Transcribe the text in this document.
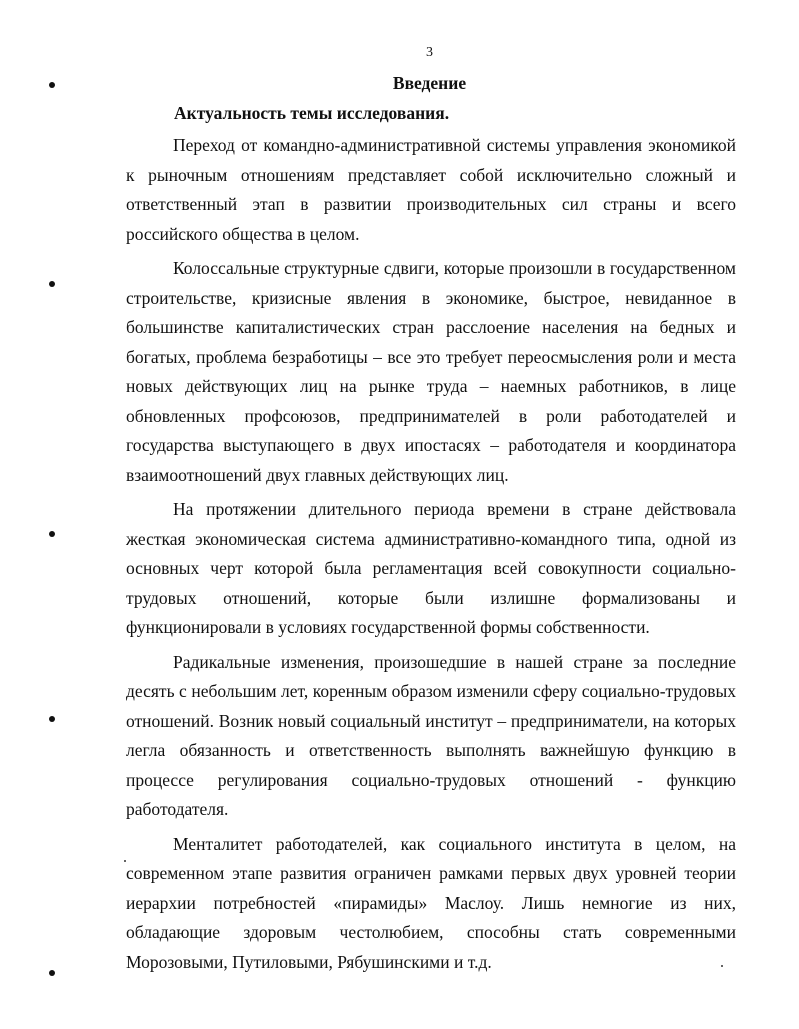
3
Введение
Актуальность темы исследования.

Переход от командно-административной системы управления экономикой к рыночным отношениям представляет собой исключительно сложный и ответственный этап в развитии производительных сил страны и всего российского общества в целом.

Колоссальные структурные сдвиги, которые произошли в государственном строительстве, кризисные явления в экономике, быстрое, невиданное в большинстве капиталистических стран расслоение населения на бедных и богатых, проблема безработицы – все это требует переосмысления роли и места новых действующих лиц на рынке труда – наемных работников, в лице обновленных профсоюзов, предпринимателей в роли работодателей и государства выступающего в двух ипостасях – работодателя и координатора взаимоотношений двух главных действующих лиц.

На протяжении длительного периода времени в стране действовала жесткая экономическая система административно-командного типа, одной из основных черт которой была регламентация всей совокупности социально-трудовых отношений, которые были излишне формализованы и функционировали в условиях государственной формы собственности.

Радикальные изменения, произошедшие в нашей стране за последние десять с небольшим лет, коренным образом изменили сферу социально-трудовых отношений. Возник новый социальный институт – предприниматели, на которых легла обязанность и ответственность выполнять важнейшую функцию в процессе регулирования социально-трудовых отношений - функцию работодателя.

Менталитет работодателей, как социального института в целом, на современном этапе развития ограничен рамками первых двух уровней теории иерархии потребностей «пирамиды» Маслоу. Лишь немногие из них, обладающие здоровым честолюбием, способны стать современными Морозовыми, Путиловыми, Рябушинскими и т.д.
